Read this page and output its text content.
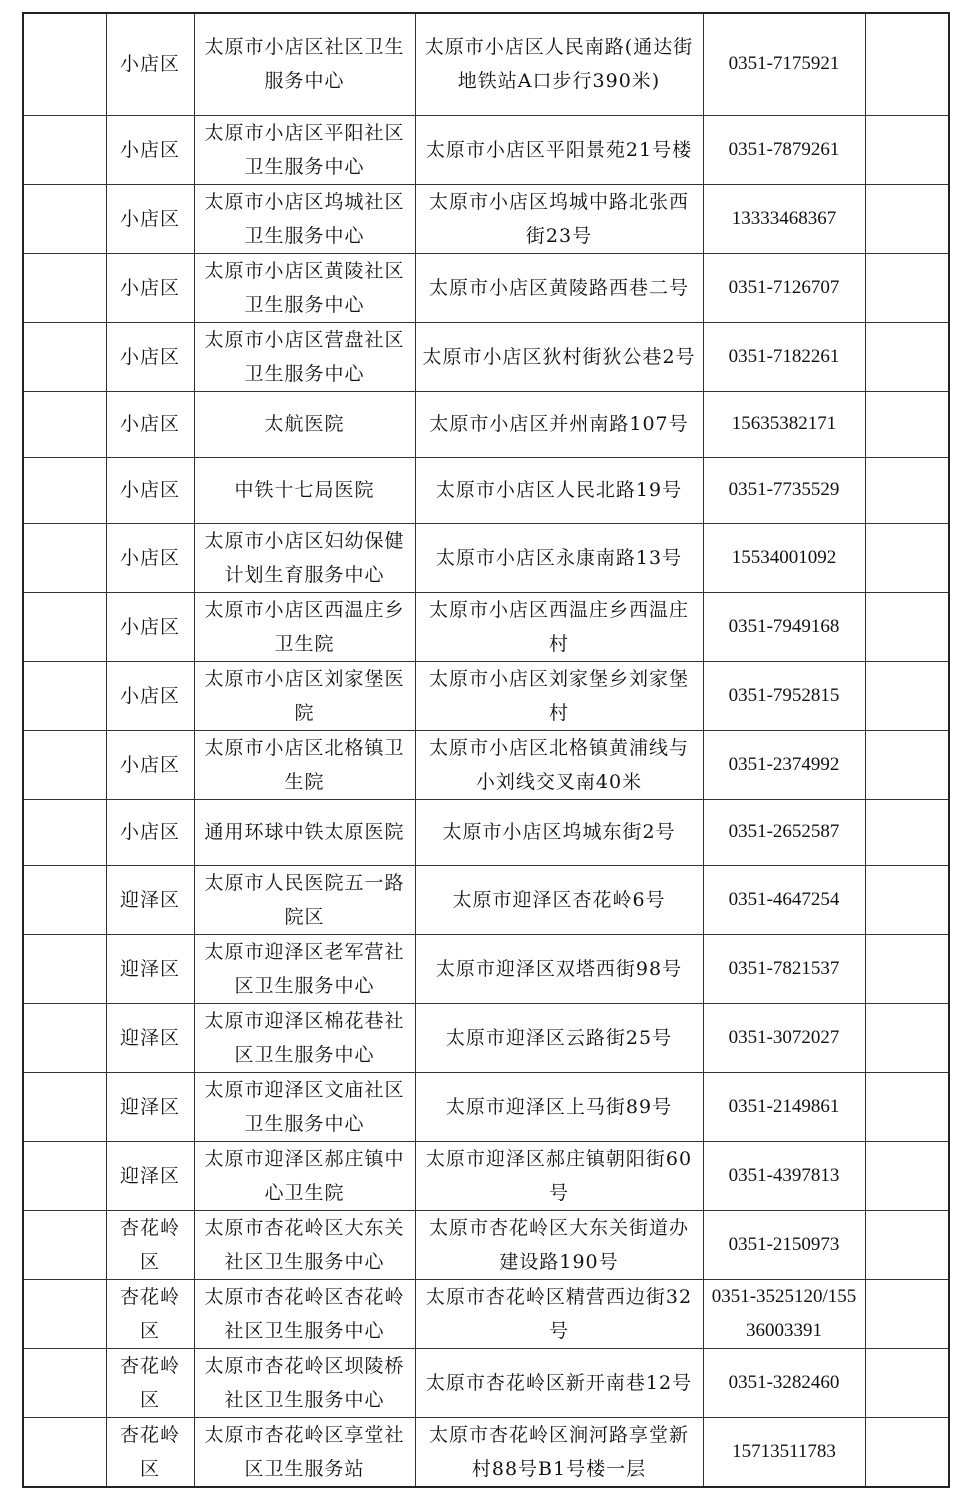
	小店区	太原市小店区社区卫生服务中心	太原市小店区人民南路(通达街地铁站A口步行390米)	0351-7175921	
	小店区	太原市小店区平阳社区卫生服务中心	太原市小店区平阳景苑21号楼	0351-7879261	
	小店区	太原市小店区坞城社区卫生服务中心	太原市小店区坞城中路北张西街23号	13333468367	
	小店区	太原市小店区黄陵社区卫生服务中心	太原市小店区黄陵路西巷二号	0351-7126707	
	小店区	太原市小店区营盘社区卫生服务中心	太原市小店区狄村街狄公巷2号	0351-7182261	
	小店区	太航医院	太原市小店区并州南路107号	15635382171	
	小店区	中铁十七局医院	太原市小店区人民北路19号	0351-7735529	
	小店区	太原市小店区妇幼保健计划生育服务中心	太原市小店区永康南路13号	15534001092	
	小店区	太原市小店区西温庄乡卫生院	太原市小店区西温庄乡西温庄村	0351-7949168	
	小店区	太原市小店区刘家堡医院	太原市小店区刘家堡乡刘家堡村	0351-7952815	
	小店区	太原市小店区北格镇卫生院	太原市小店区北格镇黄浦线与小刘线交叉南40米	0351-2374992	
	小店区	通用环球中铁太原医院	太原市小店区坞城东街2号	0351-2652587	
	迎泽区	太原市人民医院五一路院区	太原市迎泽区杏花岭6号	0351-4647254	
	迎泽区	太原市迎泽区老军营社区卫生服务中心	太原市迎泽区双塔西街98号	0351-7821537	
	迎泽区	太原市迎泽区棉花巷社区卫生服务中心	太原市迎泽区云路街25号	0351-3072027	
	迎泽区	太原市迎泽区文庙社区卫生服务中心	太原市迎泽区上马街89号	0351-2149861	
	迎泽区	太原市迎泽区郝庄镇中心卫生院	太原市迎泽区郝庄镇朝阳街60号	0351-4397813	
	杏花岭区	太原市杏花岭区大东关社区卫生服务中心	太原市杏花岭区大东关街道办建设路190号	0351-2150973	
	杏花岭区	太原市杏花岭区杏花岭社区卫生服务中心	太原市杏花岭区精营西边街32号	0351-3525120/15536003391	
	杏花岭区	太原市杏花岭区坝陵桥社区卫生服务中心	太原市杏花岭区新开南巷12号	0351-3282460	
	杏花岭区	太原市杏花岭区享堂社区卫生服务站	太原市杏花岭区涧河路享堂新村88号B1号楼一层	15713511783	
